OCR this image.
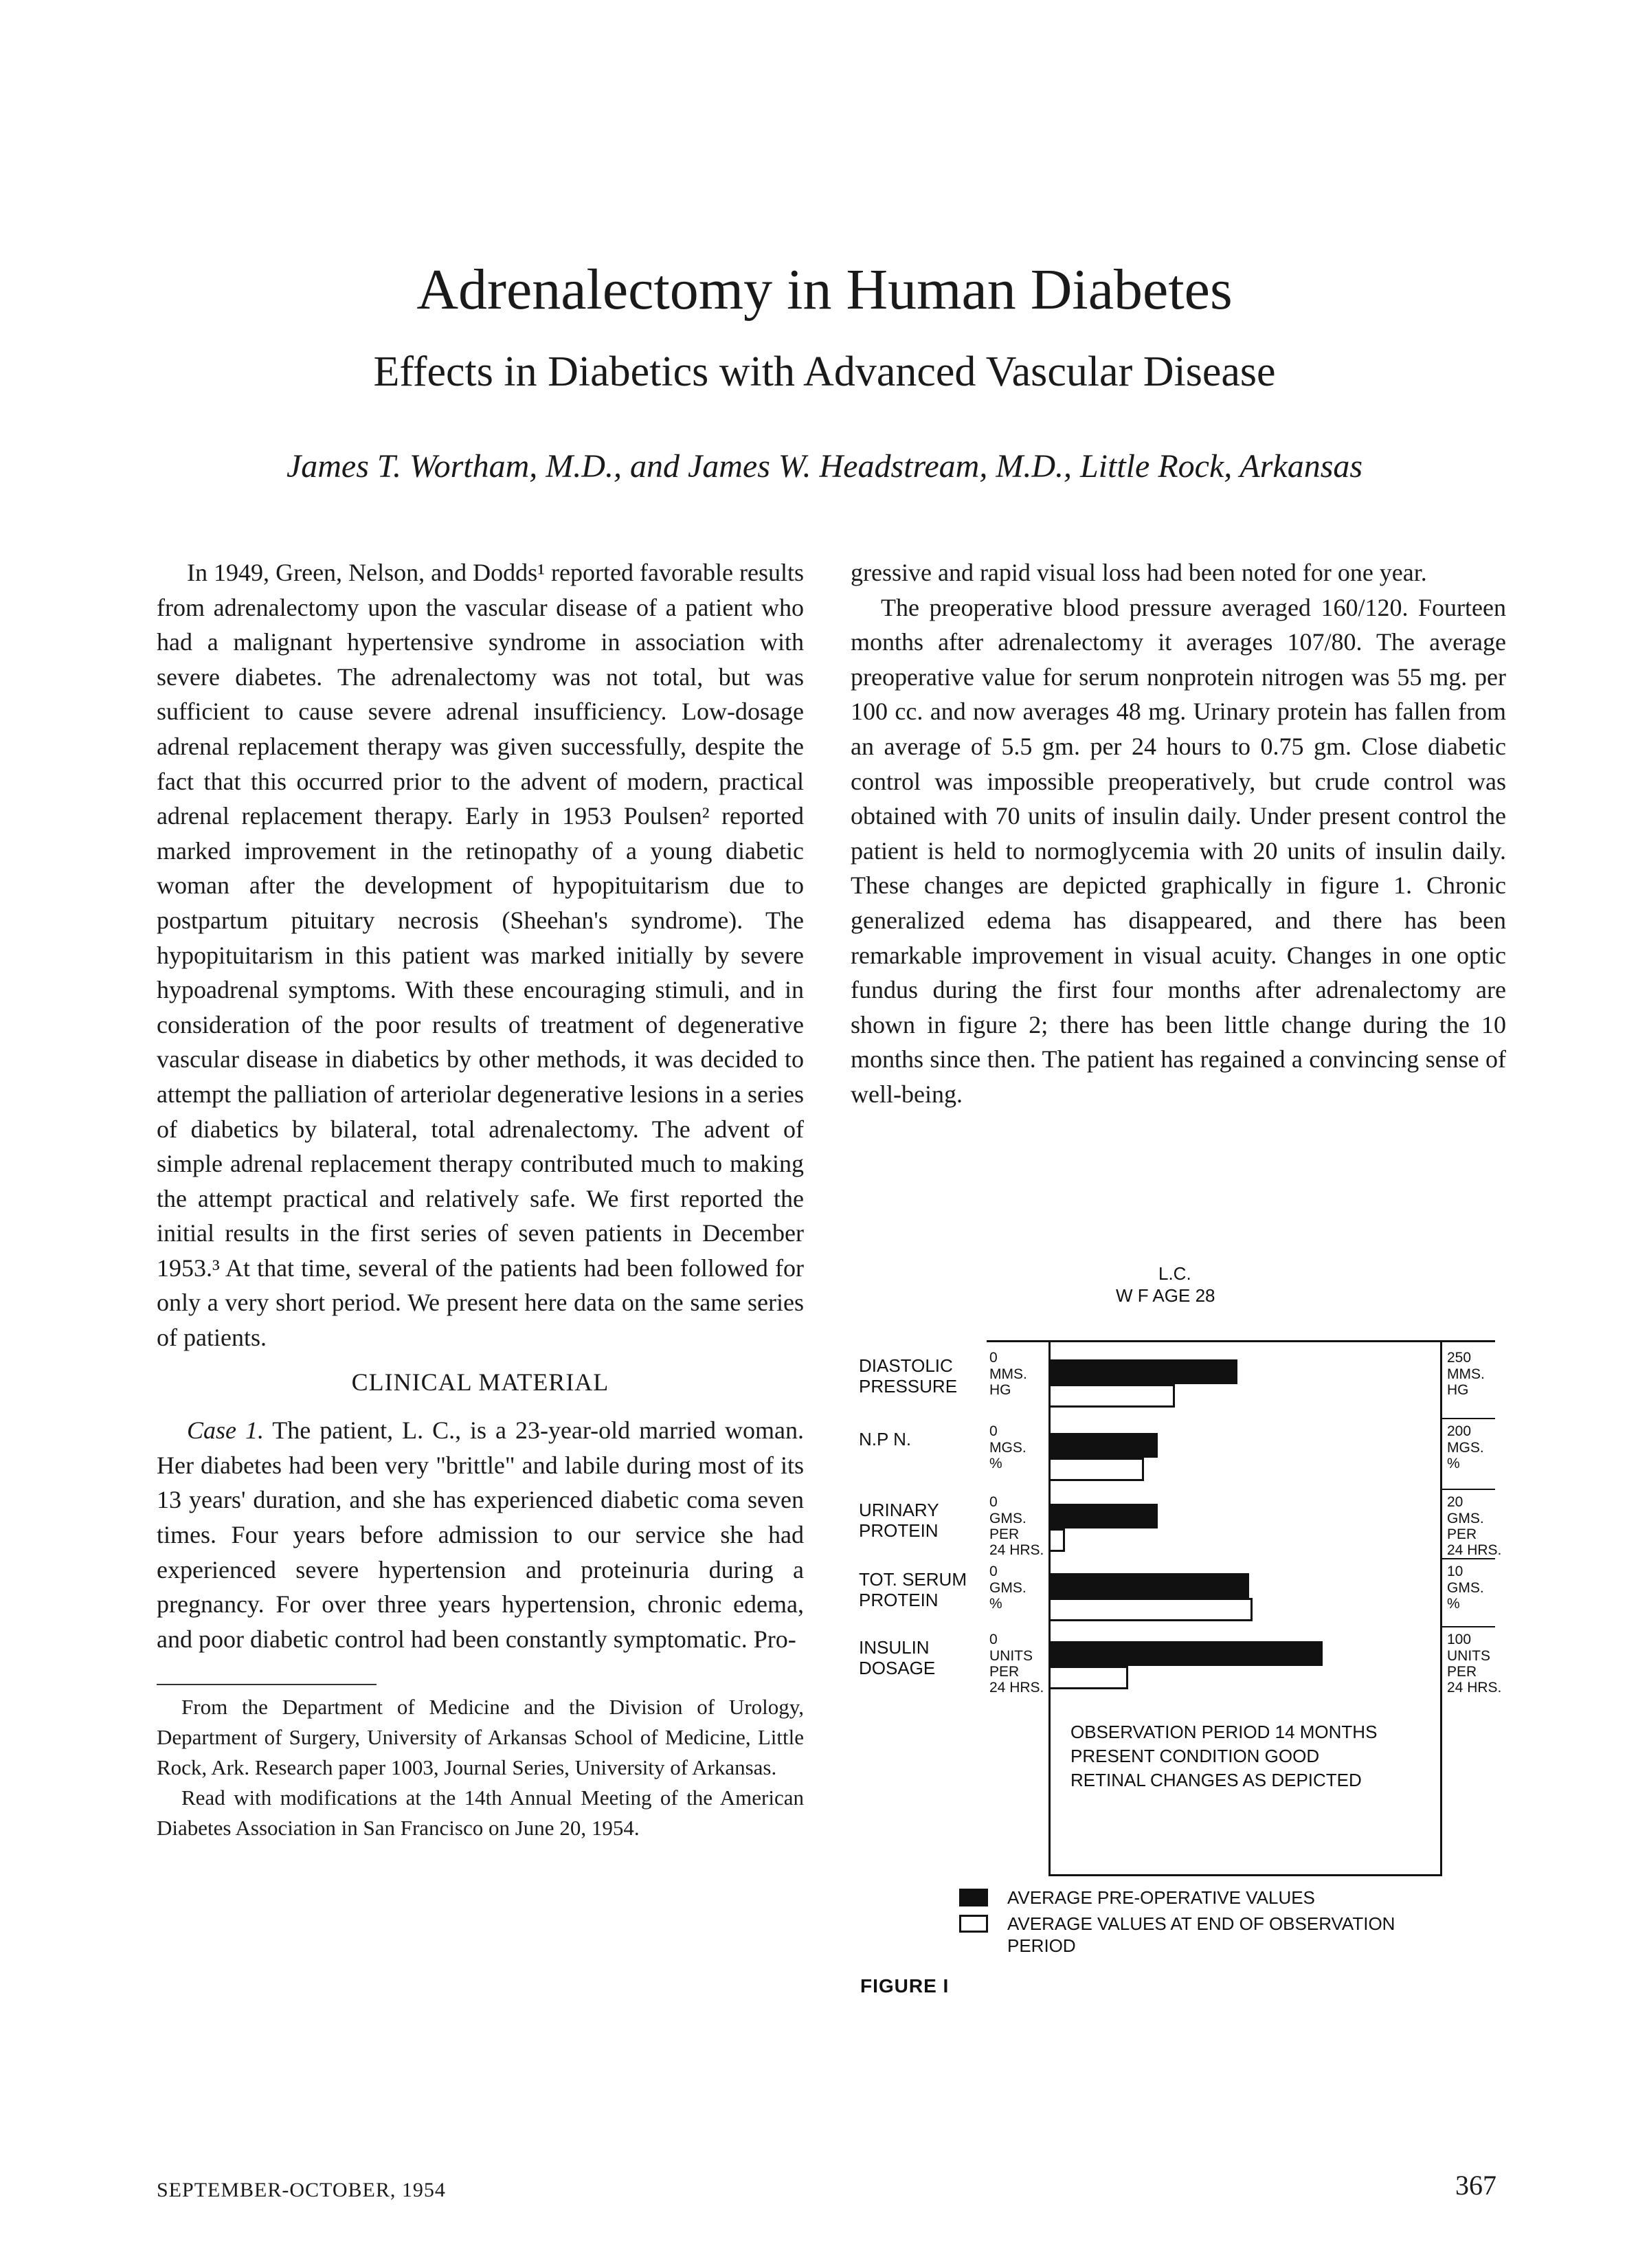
Adrenalectomy in Human Diabetes
Effects in Diabetics with Advanced Vascular Disease
James T. Wortham, M.D., and James W. Headstream, M.D., Little Rock, Arkansas

In 1949, Green, Nelson, and Dodds¹ reported favorable results from adrenalectomy upon the vascular disease of a patient who had a malignant hypertensive syndrome in association with severe diabetes. The adrenalectomy was not total, but was sufficient to cause severe adrenal insufficiency. Low-dosage adrenal replacement therapy was given successfully, despite the fact that this occurred prior to the advent of modern, practical adrenal replacement therapy. Early in 1953 Poulsen² reported marked improvement in the retinopathy of a young diabetic woman after the development of hypopituitarism due to postpartum pituitary necrosis (Sheehan's syndrome). The hypopituitarism in this patient was marked initially by severe hypoadrenal symptoms. With these encouraging stimuli, and in consideration of the poor results of treatment of degenerative vascular disease in diabetics by other methods, it was decided to attempt the palliation of arteriolar degenerative lesions in a series of diabetics by bilateral, total adrenalectomy. The advent of simple adrenal replacement therapy contributed much to making the attempt practical and relatively safe. We first reported the initial results in the first series of seven patients in December 1953.³ At that time, several of the patients had been followed for only a very short period. We present here data on the same series of patients.

CLINICAL MATERIAL

Case 1. The patient, L. C., is a 23-year-old married woman. Her diabetes had been very "brittle" and labile during most of its 13 years' duration, and she has experienced diabetic coma seven times. Four years before admission to our service she had experienced severe hypertension and proteinuria during a pregnancy. For over three years hypertension, chronic edema, and poor diabetic control had been constantly symptomatic. Pro-

From the Department of Medicine and the Division of Urology, Department of Surgery, University of Arkansas School of Medicine, Little Rock, Ark. Research paper 1003, Journal Series, University of Arkansas.

Read with modifications at the 14th Annual Meeting of the American Diabetes Association in San Francisco on June 20, 1954.

gressive and rapid visual loss had been noted for one year.

The preoperative blood pressure averaged 160/120. Fourteen months after adrenalectomy it averages 107/80. The average preoperative value for serum nonprotein nitrogen was 55 mg. per 100 cc. and now averages 48 mg. Urinary protein has fallen from an average of 5.5 gm. per 24 hours to 0.75 gm. Close diabetic control was impossible preoperatively, but crude control was obtained with 70 units of insulin daily. Under present control the patient is held to normoglycemia with 20 units of insulin daily. These changes are depicted graphically in figure 1. Chronic generalized edema has disappeared, and there has been remarkable improvement in visual acuity. Changes in one optic fundus during the first four months after adrenalectomy are shown in figure 2; there has been little change during the 10 months since then. The patient has regained a convincing sense of well-being.

L.C.
W F AGE 28
DIASTOLIC
PRESSURE
0
MMS.
HG
250
MMS.
HG
N.P N.	0
MGS.
%
200
MGS.
%
URINARY
PROTEIN
0
GMS.
PER
24 HRS.
20
GMS.
PER
24 HRS.
TOT. SERUM
PROTEIN
0
GMS.
%
10
GMS.
%
INSULIN
DOSAGE
0
UNITS
PER
24 HRS.
100
UNITS
PER
24 HRS.
OBSERVATION PERIOD 14 MONTHS
PRESENT CONDITION GOOD
RETINAL CHANGES AS DEPICTED
AVERAGE PRE-OPERATIVE VALUES
AVERAGE VALUES AT END OF OBSERVATION
PERIOD
FIGURE I
SEPTEMBER-OCTOBER, 1954	367
